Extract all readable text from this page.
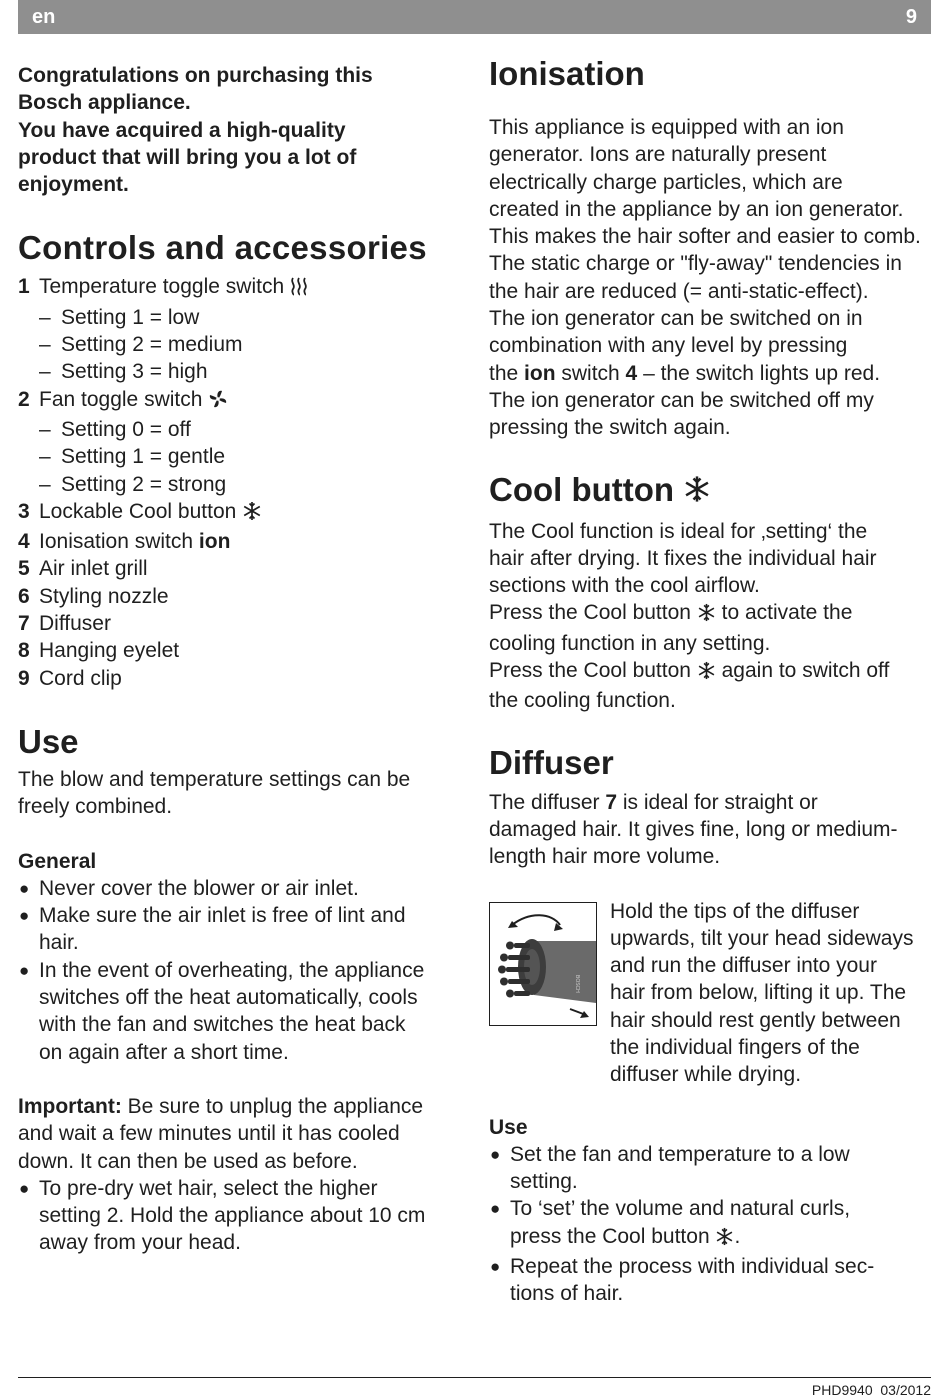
en	9
Congratulations on purchasing this
Bosch appliance.
You have acquired a high-quality
product that will bring you a lot of
enjoyment.
Controls and accessories
1 Temperature toggle switch
– Setting 1 = low
– Setting 2 = medium
– Setting 3 = high
2 Fan toggle switch
– Setting 0 = off
– Setting 1 = gentle
– Setting 2 = strong
3 Lockable Cool button
4 Ionisation switch ion
5 Air inlet grill
6 Styling nozzle
7 Diffuser
8 Hanging eyelet
9 Cord clip
Use
The blow and temperature settings can be
freely combined.
General
● Never cover the blower or air inlet.
● Make sure the air inlet is free of lint and
hair.
● In the event of overheating, the appliance
switches off the heat automatically, cools
with the fan and switches the heat back
on again after a short time.
Important: Be sure to unplug the appliance
and wait a few minutes until it has cooled
down. It can then be used as before.
● To pre-dry wet hair, select the higher
setting 2. Hold the appliance about 10 cm
away from your head.
Ionisation
This appliance is equipped with an ion
generator. Ions are naturally present
electrically charge particles, which are
created in the appliance by an ion generator.
This makes the hair softer and easier to comb.
The static charge or "fly-away" tendencies in
the hair are reduced (= anti-static-effect).
The ion generator can be switched on in
combination with any level by pressing
the ion switch 4 – the switch lights up red.
The ion generator can be switched off my
pressing the switch again.
Cool button
The Cool function is ideal for ‚setting‘ the
hair after drying. It fixes the individual hair
sections with the cool airflow.
Press the Cool button  to activate the
cooling function in any setting.
Press the Cool button  again to switch off
the cooling function.
Diffuser
The diffuser 7 is ideal for straight or
damaged hair. It gives fine, long or medium-
length hair more volume.
BOSCH
Hold the tips of the diffuser
upwards, tilt your head sideways
and run the diffuser into your
hair from below, lifting it up. The
hair should rest gently between
the individual fingers of the
diffuser while drying.
Use
● Set the fan and temperature to a low
setting.
● To ‘set’ the volume and natural curls,
press the Cool button .
● Repeat the process with individual sec-
tions of hair.
PHD9940  03/2012
